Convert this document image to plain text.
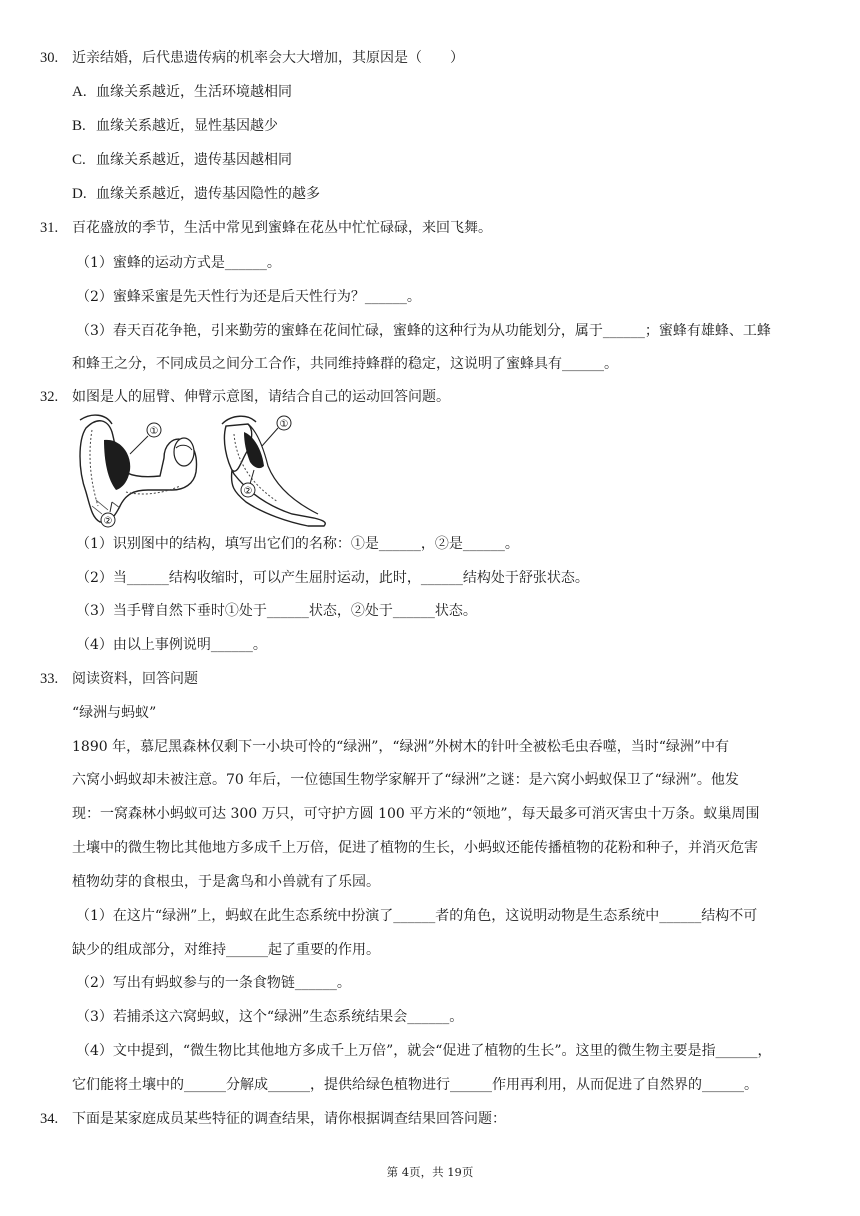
30. 近亲结婚，后代患遗传病的机率会大大增加，其原因是（　　）
A. 血缘关系越近，生活环境越相同
B. 血缘关系越近，显性基因越少
C. 血缘关系越近，遗传基因越相同
D. 血缘关系越近，遗传基因隐性的越多
31. 百花盛放的季节，生活中常见到蜜蜂在花丛中忙忙碌碌，来回飞舞。
（1）蜜蜂的运动方式是______。
（2）蜜蜂采蜜是先天性行为还是后天性行为？______。
（3）春天百花争艳，引来勤劳的蜜蜂在花间忙碌，蜜蜂的这种行为从功能划分，属于______；蜜蜂有雄蜂、工蜂
和蜂王之分，不同成员之间分工合作，共同维持蜂群的稳定，这说明了蜜蜂具有______。
32. 如图是人的屈臂、伸臂示意图，请结合自己的运动回答问题。
①
②
①
②
（1）识别图中的结构，填写出它们的名称：①是______，②是______。
（2）当______结构收缩时，可以产生屈肘运动，此时，______结构处于舒张状态。
（3）当手臂自然下垂时①处于______状态，②处于______状态。
（4）由以上事例说明______。
33. 阅读资料，回答问题
“绿洲与蚂蚁”
1890 年，慕尼黑森林仅剩下一小块可怜的“绿洲”，“绿洲”外树木的针叶全被松毛虫吞噬，当时“绿洲”中有
六窝小蚂蚁却未被注意。70 年后，一位德国生物学家解开了“绿洲”之谜：是六窝小蚂蚁保卫了“绿洲”。他发
现：一窝森林小蚂蚁可达 300 万只，可守护方圆 100 平方米的“领地”，每天最多可消灭害虫十万条。蚁巢周围
土壤中的微生物比其他地方多成千上万倍，促进了植物的生长，小蚂蚁还能传播植物的花粉和种子，并消灭危害
植物幼芽的食根虫，于是禽鸟和小兽就有了乐园。
（1）在这片“绿洲”上，蚂蚁在此生态系统中扮演了______者的角色，这说明动物是生态系统中______结构不可
缺少的组成部分，对维持______起了重要的作用。
（2）写出有蚂蚁参与的一条食物链______。
（3）若捕杀这六窝蚂蚁，这个“绿洲”生态系统结果会______。
（4）文中提到，“微生物比其他地方多成千上万倍”，就会“促进了植物的生长”。这里的微生物主要是指______，
它们能将土壤中的______分解成______，提供给绿色植物进行______作用再利用，从而促进了自然界的______。
34. 下面是某家庭成员某些特征的调查结果，请你根据调查结果回答问题：
第 4页，共 19页
